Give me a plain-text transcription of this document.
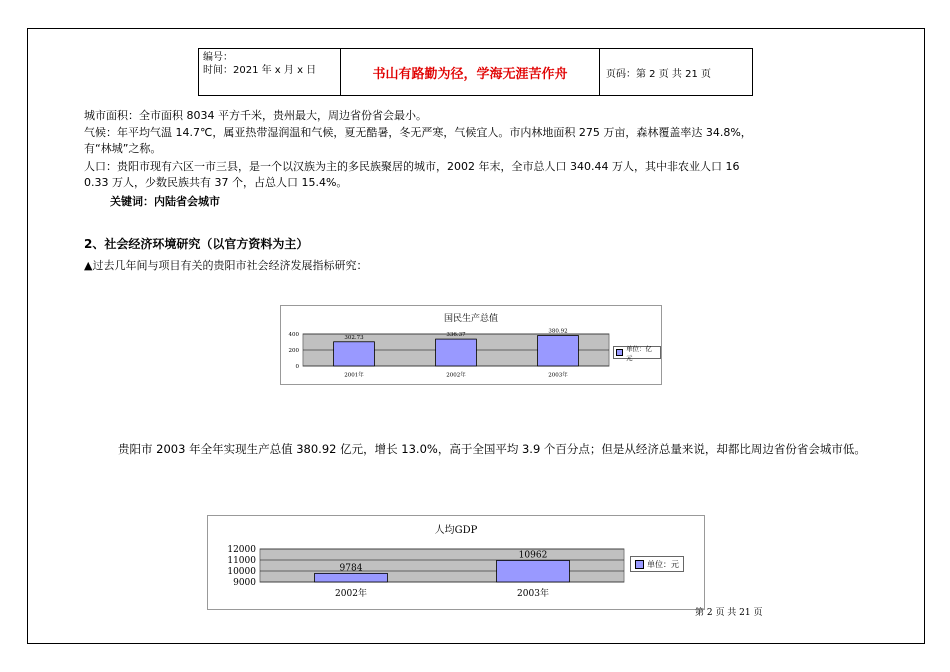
编号：
时间：2021 年 x 月 x 日	书山有路勤为径，学海无涯苦作舟	页码：第 2 页 共 21 页
城市面积：全市面积 8034 平方千米，贵州最大，周边省份省会最小。
气候：年平均气温 14.7℃，属亚热带湿润温和气候，夏无酷暑，冬无严寒，气候宜人。市内林地面积 275 万亩，森林覆盖率达 34.8%，
有“林城”之称。
人口：贵阳市现有六区一市三县，是一个以汉族为主的多民族聚居的城市，2002 年末，全市总人口 340.44 万人，其中非农业人口 16
0.33 万人，少数民族共有 37 个，占总人口 15.4%。
关键词：内陆省会城市
2、社会经济环境研究（以官方资料为主）
▲过去几年间与项目有关的贵阳市社会经济发展指标研究：
国民生产总值
400
200
0
302.73
2001年
336.37
2002年
380.92
2003年
单位：亿元
贵阳市 2003 年全年实现生产总值 380.92 亿元，增长 13.0%，高于全国平均 3.9 个百分点；但是从经济总量来说，却都比周边省份省会城市低。
人均GDP
12000
11000
10000
9000
9784
2002年
10962
2003年
单位：元
第 2 页 共 21 页
